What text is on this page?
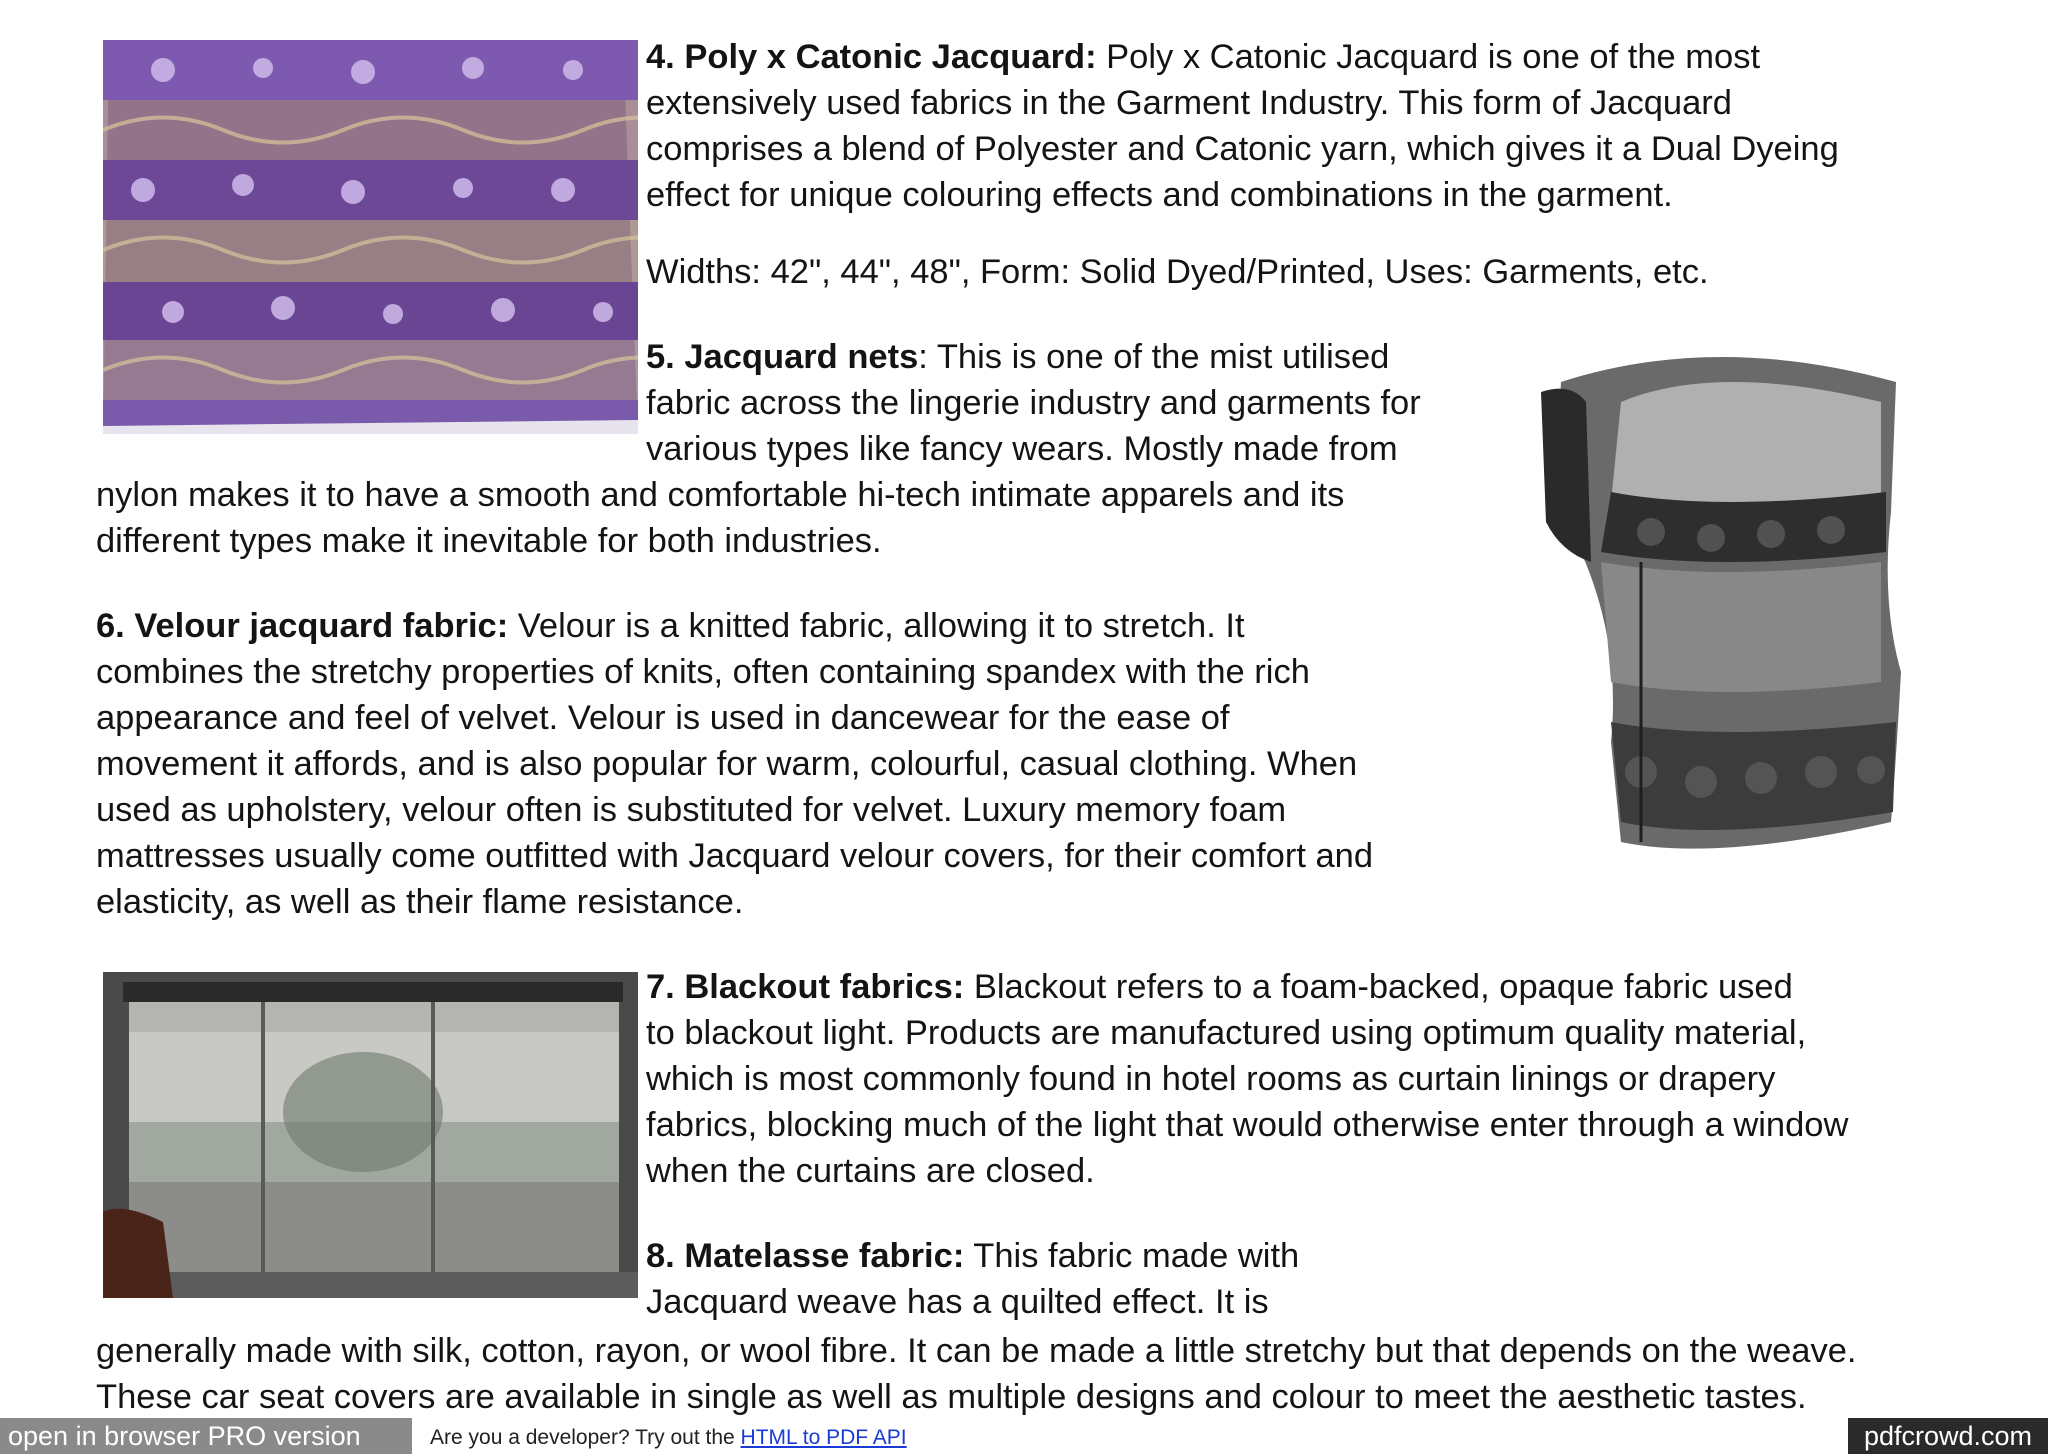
4. Poly x Catonic Jacquard: Poly x Catonic Jacquard is one of the most
extensively used fabrics in the Garment Industry. This form of Jacquard
comprises a blend of Polyester and Catonic yarn, which gives it a Dual Dyeing
effect for unique colouring effects and combinations in the garment.
Widths: 42", 44", 48", Form: Solid Dyed/Printed, Uses: Garments, etc.
5. Jacquard nets: This is one of the mist utilised
fabric across the lingerie industry and garments for
various types like fancy wears. Mostly made from
nylon makes it to have a smooth and comfortable hi-tech intimate apparels and its
different types make it inevitable for both industries.
6. Velour jacquard fabric: Velour is a knitted fabric, allowing it to stretch. It
combines the stretchy properties of knits, often containing spandex with the rich
appearance and feel of velvet. Velour is used in dancewear for the ease of
movement it affords, and is also popular for warm, colourful, casual clothing. When
used as upholstery, velour often is substituted for velvet. Luxury memory foam
mattresses usually come outfitted with Jacquard velour covers, for their comfort and
elasticity, as well as their flame resistance.
7. Blackout fabrics: Blackout refers to a foam-backed, opaque fabric used
to blackout light. Products are manufactured using optimum quality material,
which is most commonly found in hotel rooms as curtain linings or drapery
fabrics, blocking much of the light that would otherwise enter through a window
when the curtains are closed.
8. Matelasse fabric: This fabric made with
Jacquard weave has a quilted effect. It is
generally made with silk, cotton, rayon, or wool fibre. It can be made a little stretchy but that depends on the weave.
These car seat covers are available in single as well as multiple designs and colour to meet the aesthetic tastes.
open in browser PRO version	Are you a developer? Try out the HTML to PDF API	pdfcrowd.com
